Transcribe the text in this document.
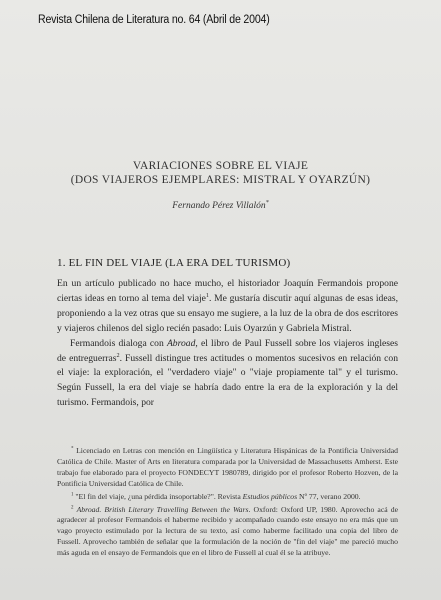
Revista Chilena de Literatura no. 64 (Abril de 2004)
VARIACIONES SOBRE EL VIAJE
(DOS VIAJEROS EJEMPLARES: MISTRAL Y OYARZÚN)
Fernando Pérez Villalón*
1. EL FIN DEL VIAJE (LA ERA DEL TURISMO)

En un artículo publicado no hace mucho, el historiador Joaquín Fermandois propone ciertas ideas en torno al tema del viaje$^1$. Me gustaría discutir aquí algunas de esas ideas, proponiendo a la vez otras que su ensayo me sugiere, a la luz de la obra de dos escritores y viajeros chilenos del siglo recién pasado: Luis Oyarzún y Gabriela Mistral.

Fermandois dialoga con Abroad, el libro de Paul Fussell sobre los viajeros ingleses de entreguerras$^2$. Fussell distingue tres actitudes o momentos sucesivos en relación con el viaje: la exploración, el "verdadero viaje" o "viaje propiamente tal" y el turismo. Según Fussell, la era del viaje se habría dado entre la era de la exploración y la del turismo. Fermandois, por

* Licenciado en Letras con mención en Lingüística y Literatura Hispánicas de la Pontificia Universidad Católica de Chile. Master of Arts en literatura comparada por la Universidad de Massachusetts Amherst. Este trabajo fue elaborado para el proyecto FONDECYT 1980789, dirigido por el profesor Roberto Hozven, de la Pontificia Universidad Católica de Chile.

$^1$ "El fin del viaje, ¿una pérdida insoportable?". Revista Estudios públicos Nº 77, verano 2000.

$^2$ Abroad. British Literary Travelling Between the Wars. Oxford: Oxford UP, 1980. Aprovecho acá de agradecer al profesor Fermandois el haberme recibido y acompañado cuando este ensayo no era más que un vago proyecto estimulado por la lectura de su texto, así como haberme facilitado una copia del libro de Fussell. Aprovecho también de señalar que la formulación de la noción de "fin del viaje" me pareció mucho más aguda en el ensayo de Fermandois que en el libro de Fussell al cual él se la atribuye.
